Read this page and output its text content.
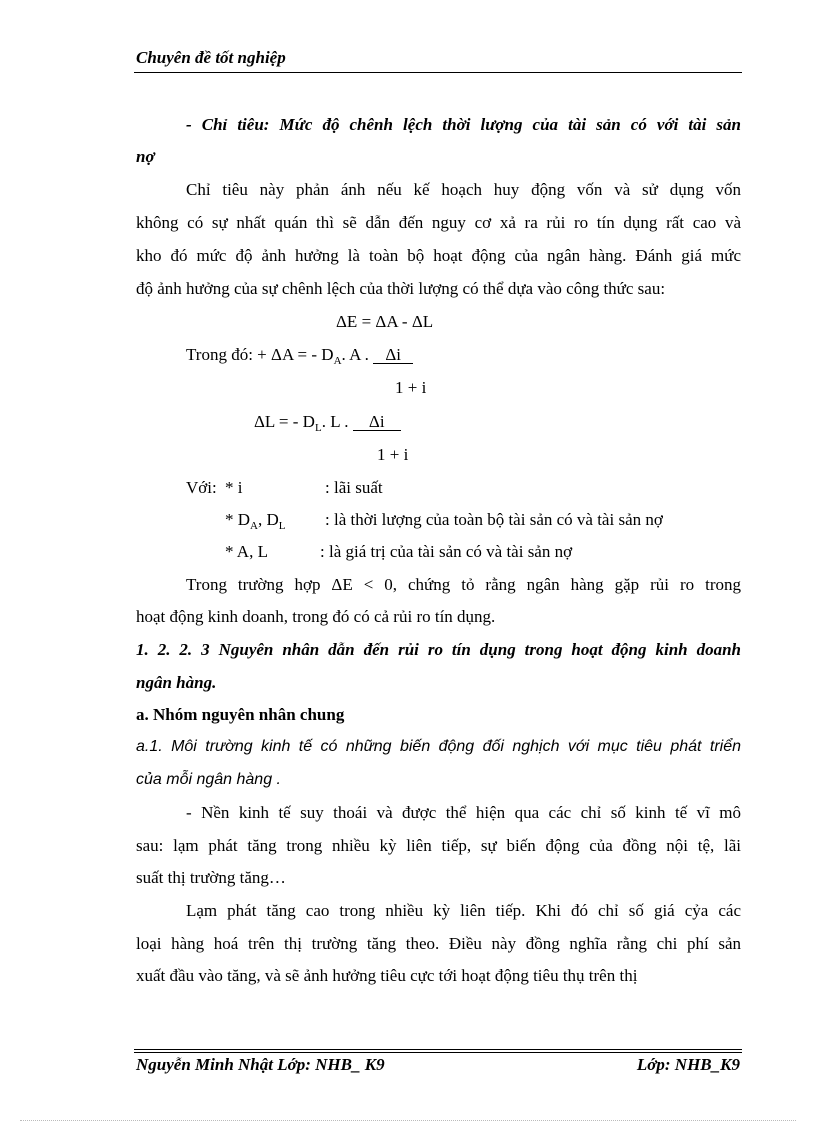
Chuyên đề tốt nghiệp
- Chỉ tiêu: Mức độ chênh lệch thời lượng của tài sản có với tài sản
nợ
Chỉ tiêu này phản ánh nếu kế hoạch huy động vốn và sử dụng vốn
không có sự nhất quán thì sẽ dẫn đến nguy cơ xả ra rủi ro tín dụng rất cao và
kho đó mức độ ảnh hưởng là toàn bộ hoạt động của ngân hàng. Đánh giá mức
độ ảnh hưởng của sự chênh lệch của thời lượng có thể dựa vào công thức sau:
ΔE = ΔA - ΔL
Trong đó: + ΔA = - $D_A$. A . Δi
1 + i
ΔL = - $D_L$. L . Δi
1 + i
Với: * i	: lãi suất
* $D_A$, $D_L$ : là thời lượng của toàn bộ tài sản có và tài sản nợ
* A, L	: là giá trị của tài sản có và tài sản nợ
Trong trường hợp ΔE < 0, chứng tỏ rằng ngân hàng gặp rủi ro trong
hoạt động kinh doanh, trong đó có cả rủi ro tín dụng.
1. 2. 2. 3 Nguyên nhân dẫn đến rủi ro tín dụng trong hoạt động kinh doanh
ngân hàng.
a. Nhóm nguyên nhân chung
a.1. Môi trường kinh tế có những biến động đối nghịch với mục tiêu phát triển
của mỗi ngân hàng .
- Nền kinh tế suy thoái và được thể hiện qua các chỉ số kinh tế vĩ mô
sau: lạm phát tăng trong nhiều kỳ liên tiếp, sự biến động của đồng nội tệ, lãi
suất thị trường tăng…
Lạm phát tăng cao trong nhiều kỳ liên tiếp. Khi đó chỉ số giá cỷa các
loại hàng hoá trên thị trường tăng theo. Điều này đồng nghĩa rằng chi phí sản
xuất đầu vào tăng, và sẽ ảnh hưởng tiêu cực tới hoạt động tiêu thụ trên thị
Nguyễn Minh Nhật Lớp: NHB_ K9	Lớp: NHB_K9
